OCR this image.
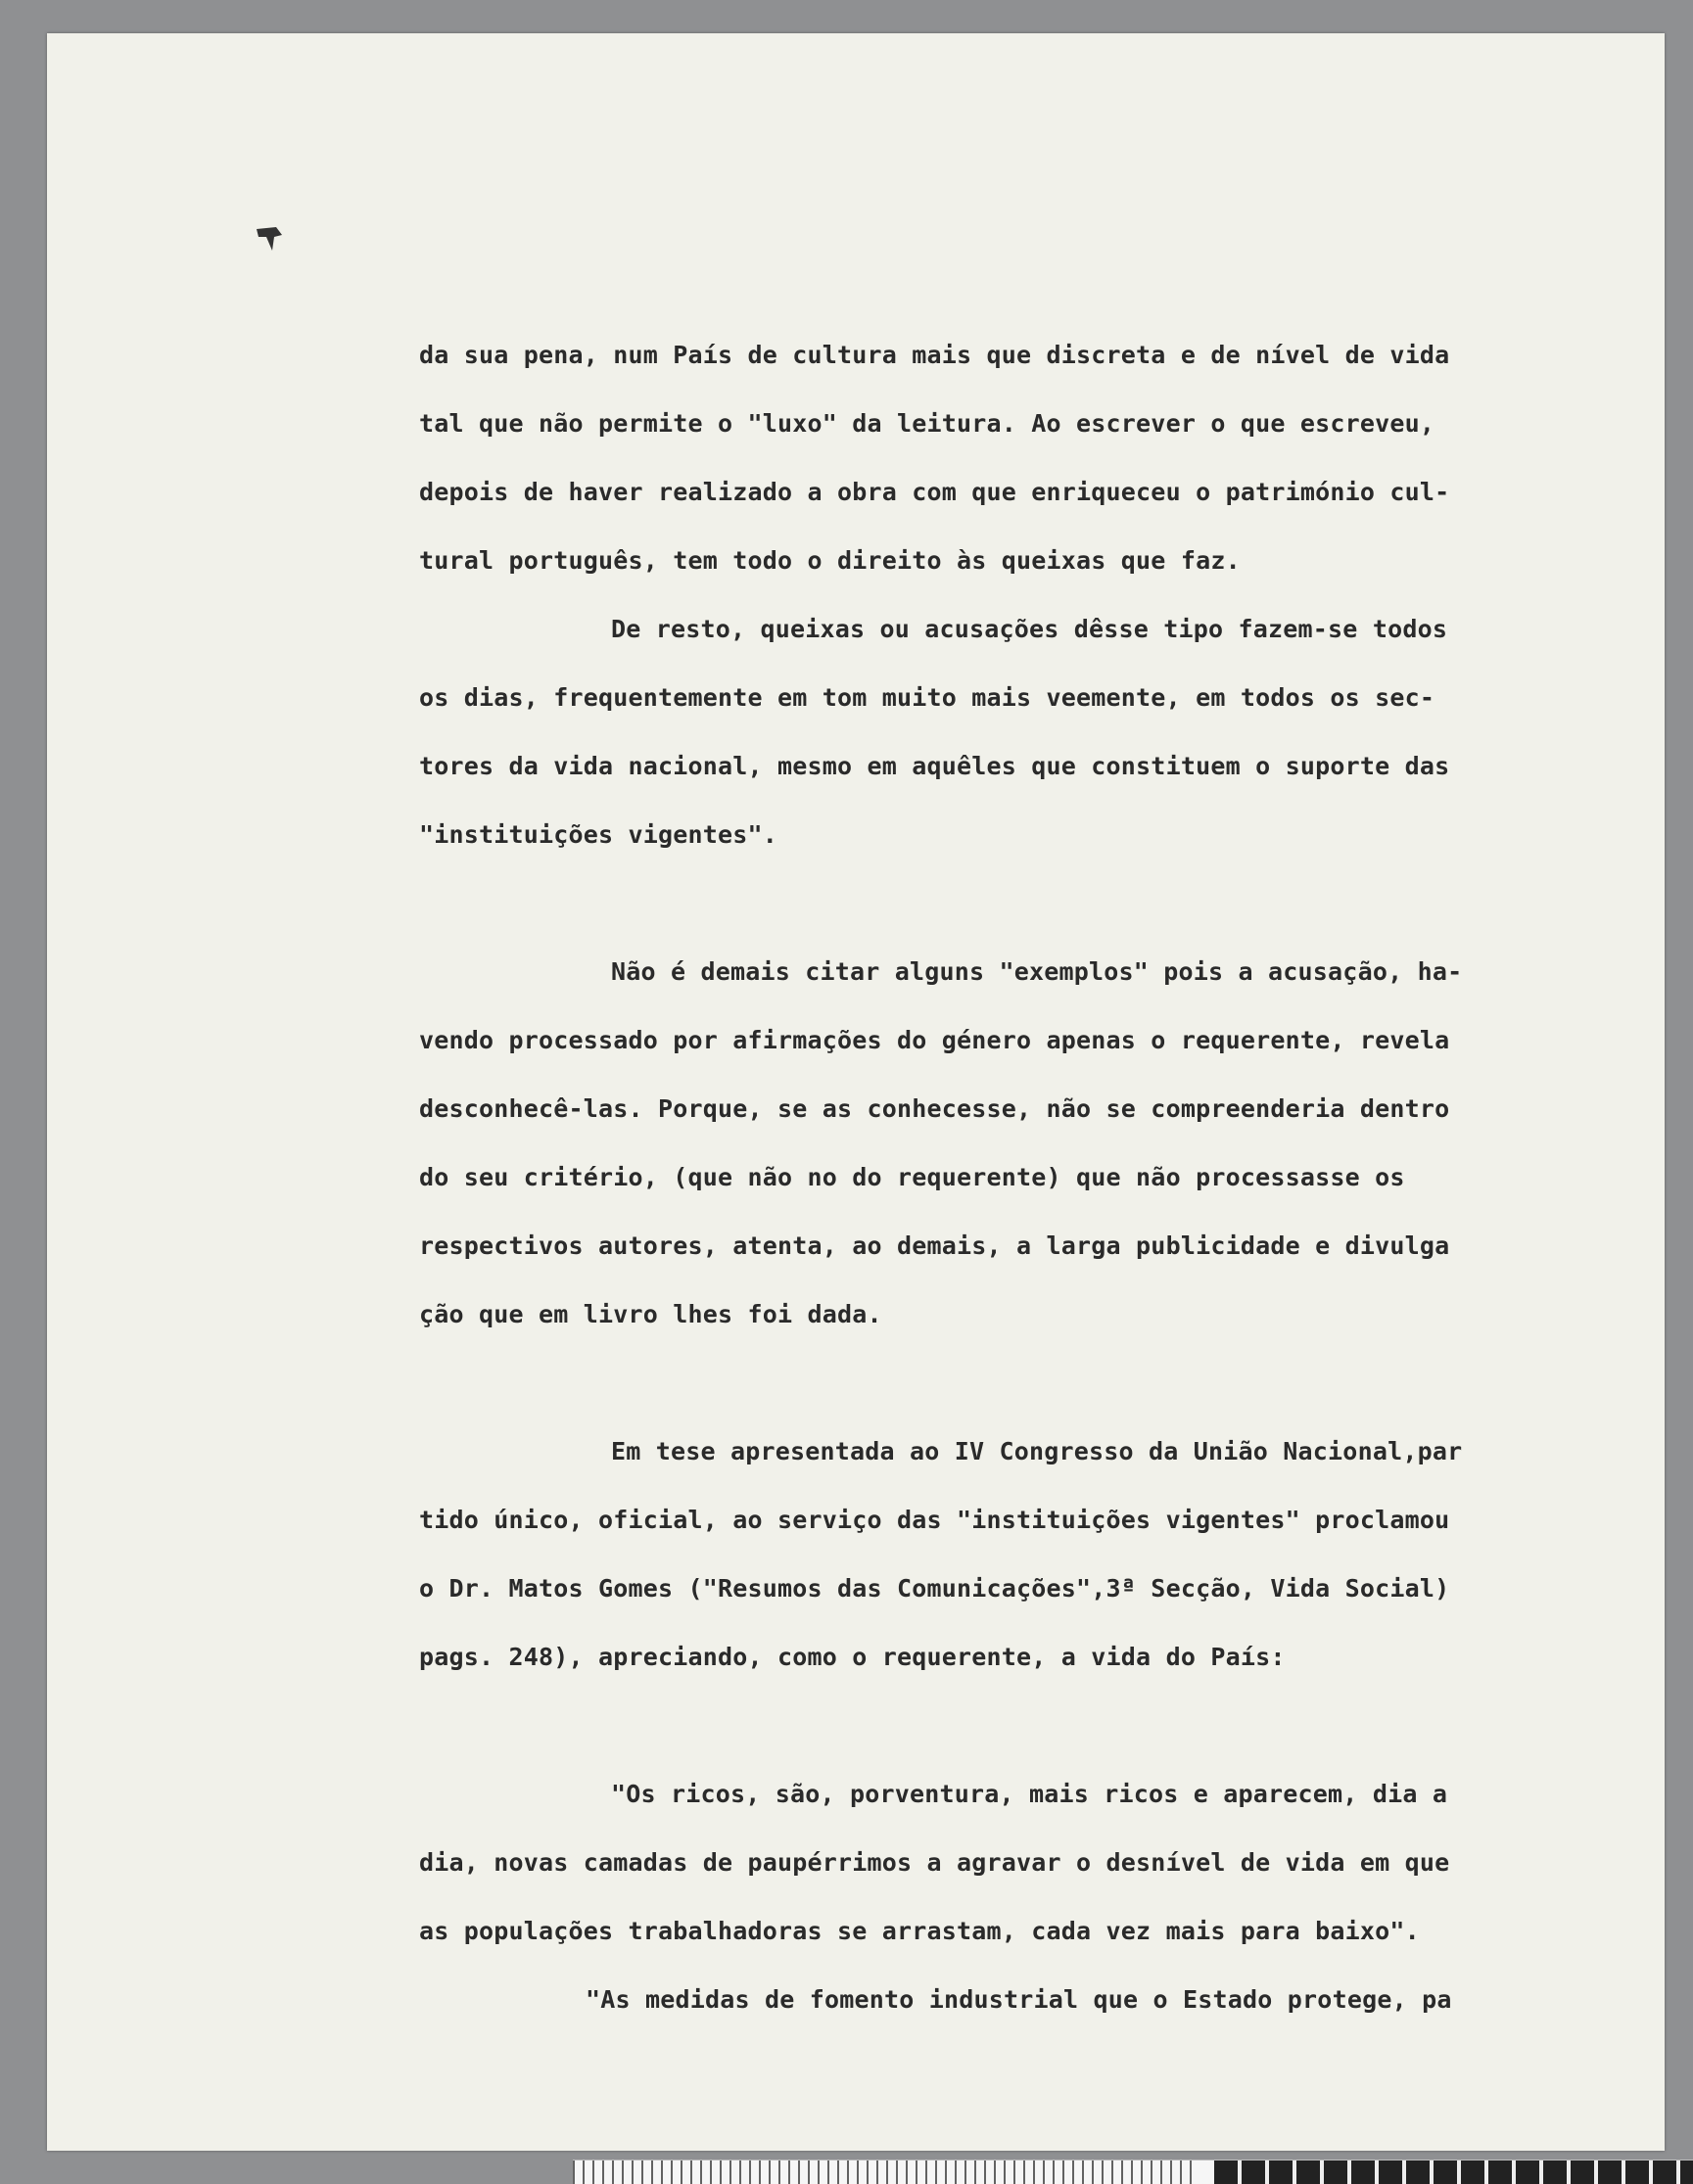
da sua pena, num País de cultura mais que discreta e de nível de vida

tal que não permite o "luxo" da leitura. Ao escrever o que escreveu,

depois de haver realizado a obra com que enriqueceu o património cul-

tural português, tem todo o direito às queixas que faz.

De resto, queixas ou acusações dêsse tipo fazem-se todos

os dias, frequentemente em tom muito mais veemente, em todos os sec-

tores da vida nacional, mesmo em aquêles que constituem o suporte das

"instituições vigentes".

Não é demais citar alguns "exemplos" pois a acusação, ha-

vendo processado por afirmações do género apenas o requerente, revela

desconhecê-las. Porque, se as conhecesse, não se compreenderia dentro

do seu critério, (que não no do requerente) que não processasse os

respectivos autores, atenta, ao demais, a larga publicidade e divulga

ção que em livro lhes foi dada.

Em tese apresentada ao IV Congresso da União Nacional,par

tido único, oficial, ao serviço das "instituições vigentes" proclamou

o Dr. Matos Gomes ("Resumos das Comunicações",3ª Secção, Vida Social)

pags. 248), apreciando, como o requerente, a vida do País:

"Os ricos, são, porventura, mais ricos e aparecem, dia a

dia, novas camadas de paupérrimos a agravar o desnível de vida em que

as populações trabalhadoras se arrastam, cada vez mais para baixo".

"As medidas de fomento industrial que o Estado protege, pa
